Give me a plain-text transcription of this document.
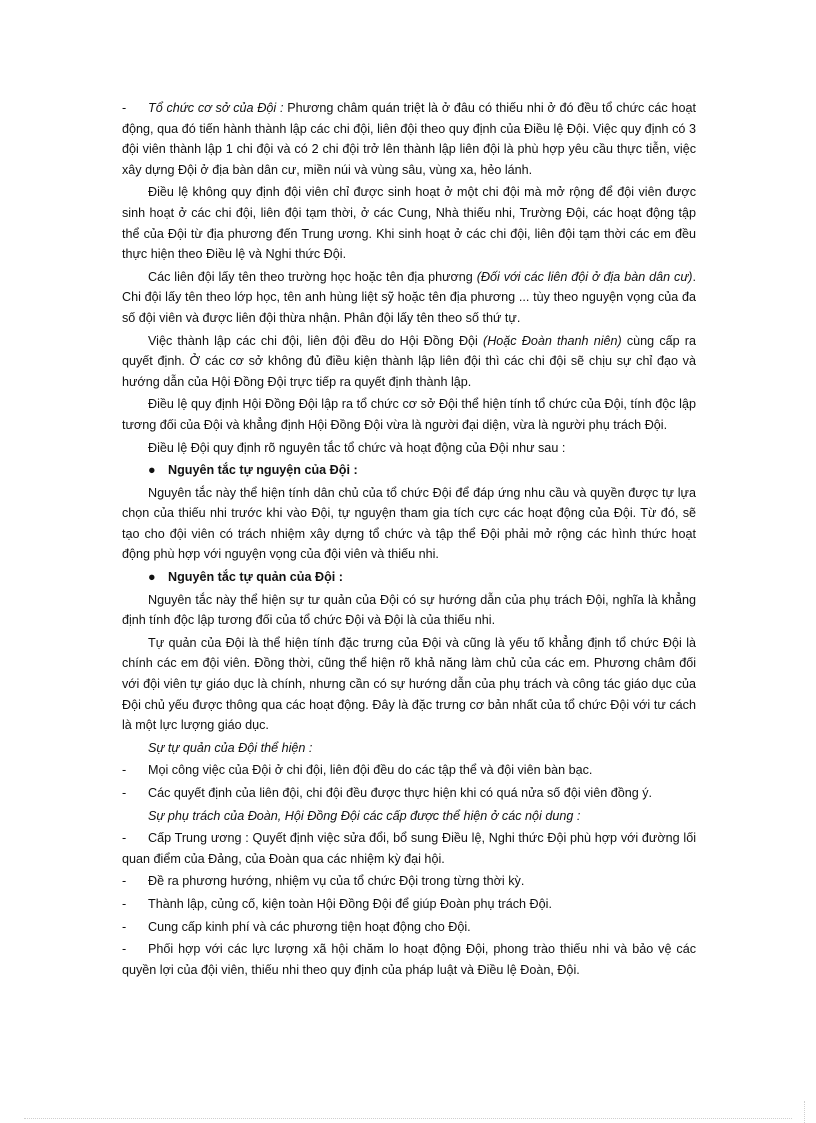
- Tổ chức cơ sở của Đội : Phương châm quán triệt là ở đâu có thiếu nhi ở đó đều tổ chức các hoạt động, qua đó tiến hành thành lập các chi đội, liên đội theo quy định của Điều lệ Đội. Việc quy định có 3 đội viên thành lập 1 chi đội và có 2 chi đội trở lên thành lập liên đội là phù hợp yêu cầu thực tiễn, việc xây dựng Đội ở địa bàn dân cư, miền núi và vùng sâu, vùng xa, hẻo lánh.

Điều lệ không quy định đội viên chỉ được sinh hoạt ở một chi đội mà mở rộng để đội viên được sinh hoạt ở các chi đội, liên đội tạm thời, ở các Cung, Nhà thiếu nhi, Trường Đội, các hoạt động tập thể của Đội từ địa phương đến Trung ương. Khi sinh hoạt ở các chi đội, liên đội tạm thời các em đều thực hiện theo Điều lệ và Nghi thức Đội.

Các liên đội lấy tên theo trường học hoặc tên địa phương (Đối với các liên đội ở địa bàn dân cư). Chi đội lấy tên theo lớp học, tên anh hùng liệt sỹ hoặc tên địa phương ... tùy theo nguyện vọng của đa số đội viên và được liên đội thừa nhận. Phân đội lấy tên theo số thứ tự.

Việc thành lập các chi đội, liên đội đều do Hội Đồng Đội (Hoặc Đoàn thanh niên) cùng cấp ra quyết định. Ở các cơ sở không đủ điều kiện thành lập liên đội thì các chi đội sẽ chịu sự chỉ đạo và hướng dẫn của Hội Đồng Đội trực tiếp ra quyết định thành lập.

Điều lệ quy định Hội Đồng Đội lập ra tổ chức cơ sở Đội thể hiện tính tổ chức của Đội, tính độc lập tương đối của Đội và khẳng định Hội Đồng Đội vừa là người đại diện, vừa là người phụ trách Đội.

Điều lệ Đội quy định rõ nguyên tắc tổ chức và hoạt động của Đội như sau :

● Nguyên tắc tự nguyện của Đội :

Nguyên tắc này thể hiện tính dân chủ của tổ chức Đội để đáp ứng nhu cầu và quyền được tự lựa chọn của thiếu nhi trước khi vào Đội, tự nguyện tham gia tích cực các hoạt động của Đội. Từ đó, sẽ tạo cho đội viên có trách nhiệm xây dựng tổ chức và tập thể Đội phải mở rộng các hình thức hoạt động phù hợp với nguyện vọng của đội viên và thiếu nhi.

● Nguyên tắc tự quản của Đội :

Nguyên tắc này thể hiện sự tư quản của Đội có sự hướng dẫn của phụ trách Đội, nghĩa là khẳng định tính độc lập tương đối của tổ chức Đội và Đội là của thiếu nhi.

Tự quản của Đội là thể hiện tính đặc trưng của Đội và cũng là yếu tố khẳng định tổ chức Đội là chính các em đội viên. Đồng thời, cũng thể hiện rõ khả năng làm chủ của các em. Phương châm đối với đội viên tự giáo dục là chính, nhưng cần có sự hướng dẫn của phụ trách và công tác giáo dục của Đội chủ yếu được thông qua các hoạt động. Đây là đặc trưng cơ bản nhất của tổ chức Đội với tư cách là một lực lượng giáo dục.

Sự tự quản của Đội thể hiện :

- Mọi công việc của Đội ở chi đội, liên đội đều do các tập thể và đội viên bàn bạc.

- Các quyết định của liên đội, chi đội đều được thực hiện khi có quá nửa số đội viên đồng ý.

Sự phụ trách của Đoàn, Hội Đồng Đội các cấp được thể hiện ở các nội dung :

- Cấp Trung ương : Quyết định việc sửa đổi, bổ sung Điều lệ, Nghi thức Đội phù hợp với đường lối quan điểm của Đảng, của Đoàn qua các nhiệm kỳ đại hội.

- Đề ra phương hướng, nhiệm vụ của tổ chức Đội trong từng thời kỳ.

- Thành lập, củng cố, kiện toàn Hội Đồng Đội để giúp Đoàn phụ trách Đội.

- Cung cấp kinh phí và các phương tiện hoạt động cho Đội.

- Phối hợp với các lực lượng xã hội chăm lo hoạt động Đội, phong trào thiếu nhi và bảo vệ các quyền lợi của đội viên, thiếu nhi theo quy định của pháp luật và Điều lệ Đoàn, Đội.
